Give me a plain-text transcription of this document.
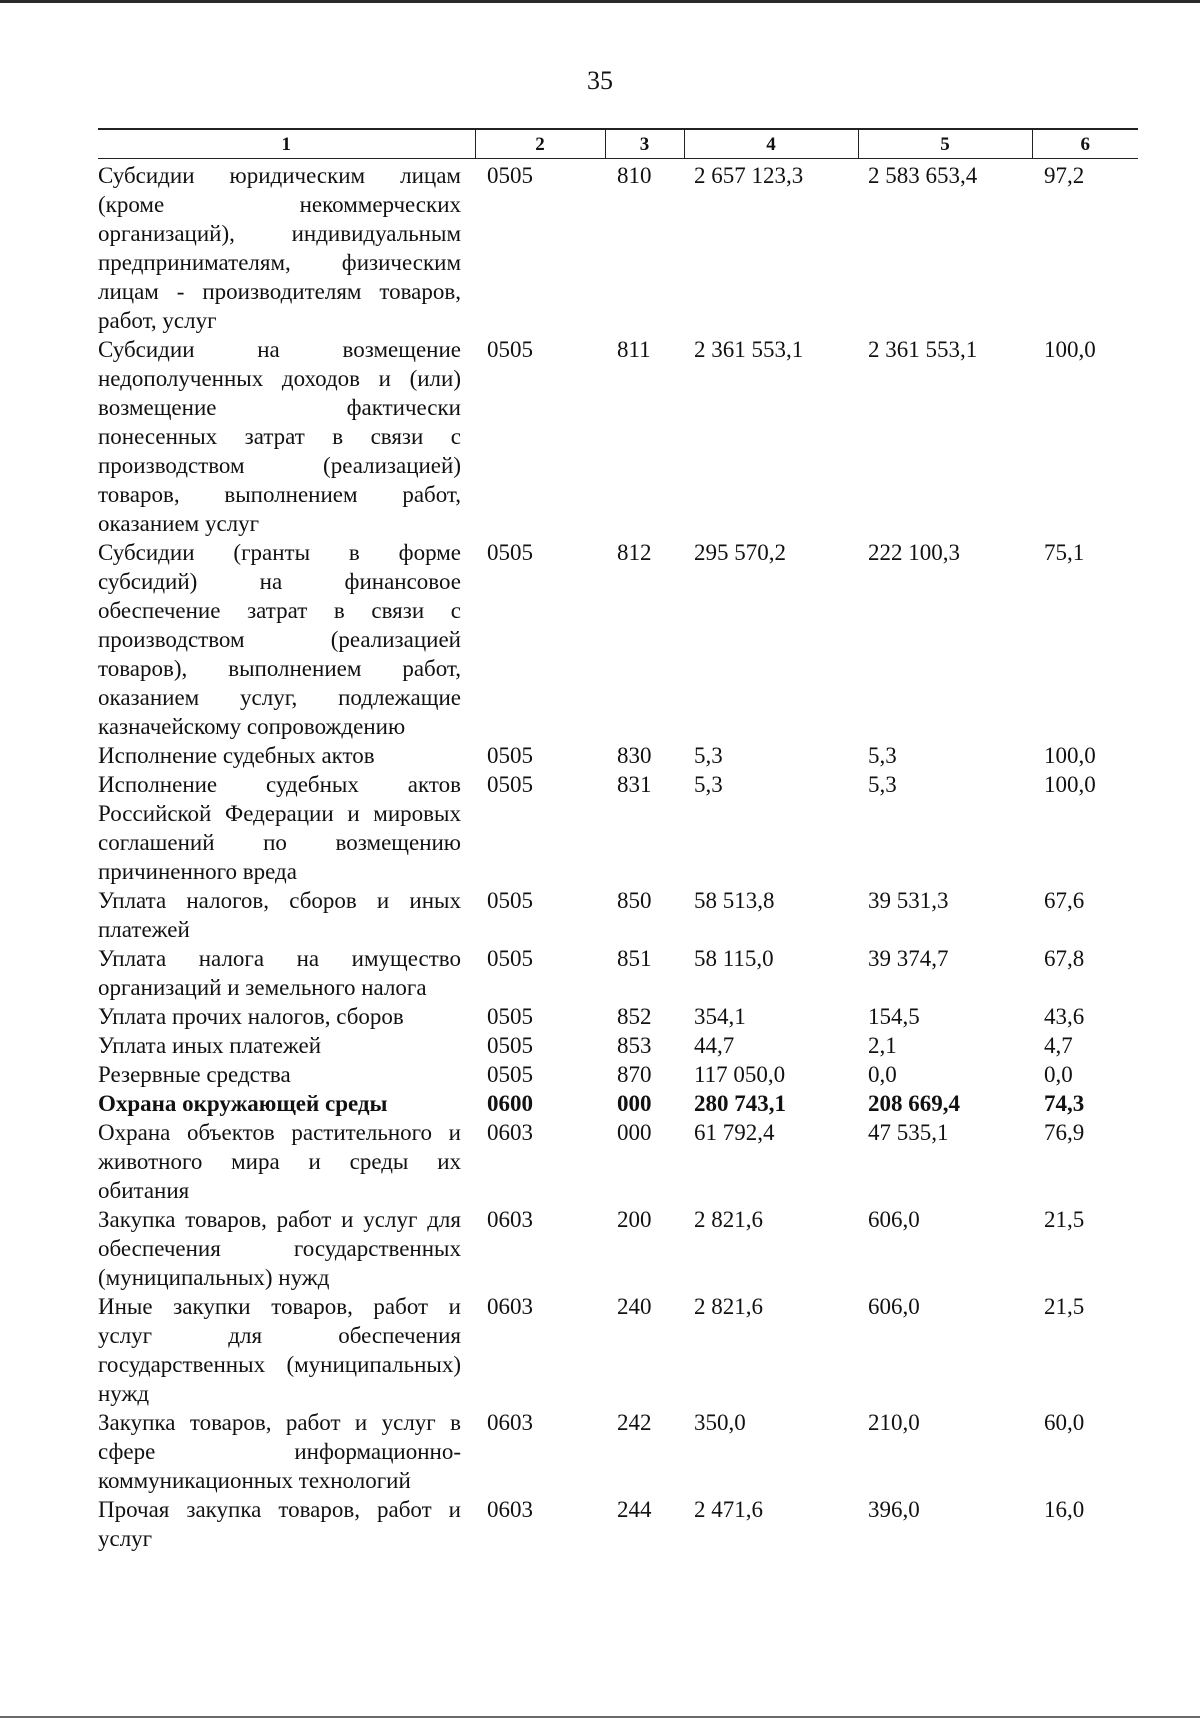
35
1	2	3	4	5	6
Субсидии юридическим лицам (кроме некоммерческих организаций), индивидуальным предпринимателям, физическим лицам - производителям товаров, работ, услуг	0505	810	2 657 123,3	2 583 653,4	97,2
Субсидии на возмещение недополученных доходов и (или) возмещение фактически понесенных затрат в связи с производством (реализацией) товаров, выполнением работ, оказанием услуг	0505	811	2 361 553,1	2 361 553,1	100,0
Субсидии (гранты в форме субсидий) на финансовое обеспечение затрат в связи с производством (реализацией товаров), выполнением работ, оказанием услуг, подлежащие казначейскому сопровождению	0505	812	295 570,2	222 100,3	75,1
Исполнение судебных актов	0505	830	5,3	5,3	100,0
Исполнение судебных актов Российской Федерации и мировых соглашений по возмещению причиненного вреда	0505	831	5,3	5,3	100,0
Уплата налогов, сборов и иных платежей	0505	850	58 513,8	39 531,3	67,6
Уплата налога на имущество организаций и земельного налога	0505	851	58 115,0	39 374,7	67,8
Уплата прочих налогов, сборов	0505	852	354,1	154,5	43,6
Уплата иных платежей	0505	853	44,7	2,1	4,7
Резервные средства	0505	870	117 050,0	0,0	0,0
Охрана окружающей среды	0600	000	280 743,1	208 669,4	74,3
Охрана объектов растительного и животного мира и среды их обитания	0603	000	61 792,4	47 535,1	76,9
Закупка товаров, работ и услуг для обеспечения государственных (муниципальных) нужд	0603	200	2 821,6	606,0	21,5
Иные закупки товаров, работ и услуг для обеспечения государственных (муниципальных) нужд	0603	240	2 821,6	606,0	21,5
Закупка товаров, работ и услуг в сфере информационно-коммуникационных технологий	0603	242	350,0	210,0	60,0
Прочая закупка товаров, работ и услуг	0603	244	2 471,6	396,0	16,0
